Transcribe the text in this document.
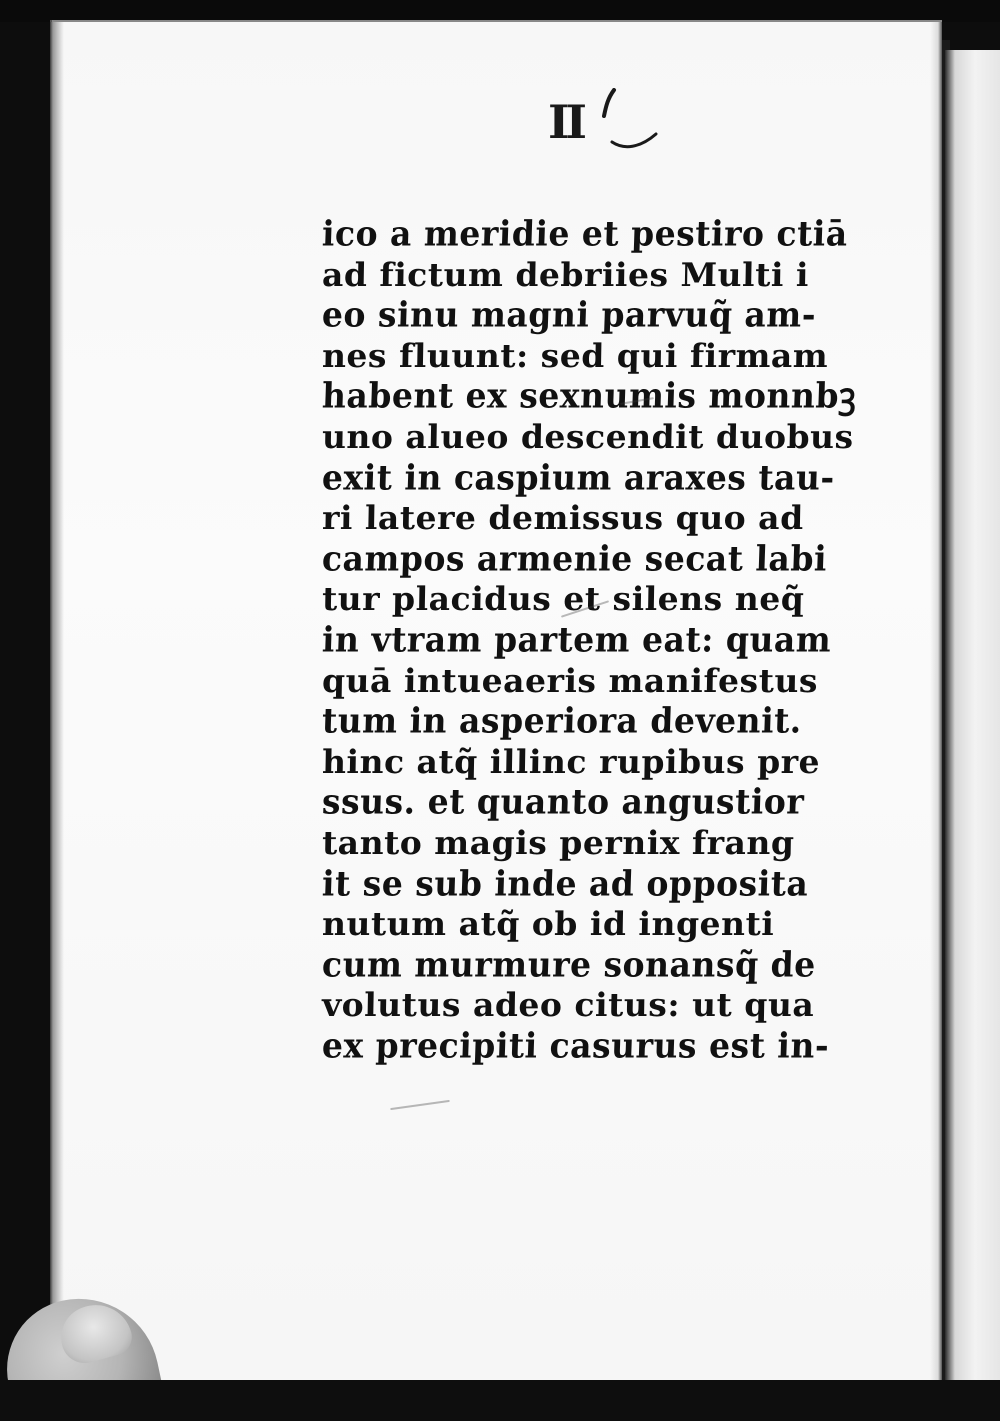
II
ico a meridie et pestiro ctiā
ad fictum debriies Multi i
eo sinu magni parvuq̃ am-
nes fluunt: sed qui firmam
habent ex sexnumis monnbꝫ
uno alueo descendit duobus
exit in caspium araxes tau-
ri latere demissus quo ad
campos armenie secat labi
tur placidus et silens neq̃
in vtram partem eat: quam
quā intueaeris manifestus
tum in asperiora devenit.
hinc atq̃ illinc rupibus pre
ssus. et quanto angustior
tanto magis pernix frang
it se sub inde ad opposita
nutum atq̃ ob id ingenti
cum murmure sonansq̃ de
volutus adeo citus: ut qua
ex precipiti casurus est in-
